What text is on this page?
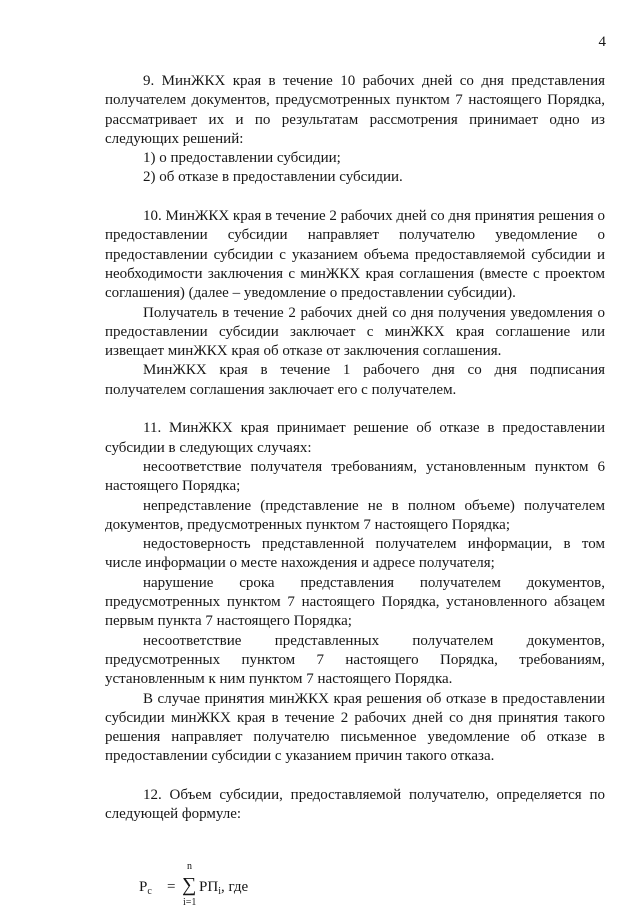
4

9. МинЖКХ края в течение 10 рабочих дней со дня представления получателем документов, предусмотренных пунктом 7 настоящего Порядка, рассматривает их и по результатам рассмотрения принимает одно из следующих решений:

1) о предоставлении субсидии;

2) об отказе в предоставлении субсидии.

10. МинЖКХ края в течение 2 рабочих дней со дня принятия решения о предоставлении субсидии направляет получателю уведомление о предоставлении субсидии с указанием объема предоставляемой субсидии и необходимости заключения с минЖКХ края соглашения (вместе с проектом соглашения) (далее – уведомление о предоставлении субсидии).

Получатель в течение 2 рабочих дней со дня получения уведомления о предоставлении субсидии заключает с минЖКХ края соглашение или извещает минЖКХ края об отказе от заключения соглашения.

МинЖКХ края в течение 1 рабочего дня со дня подписания получателем соглашения заключает его с получателем.

11. МинЖКХ края принимает решение об отказе в предоставлении субсидии в следующих случаях:

несоответствие получателя требованиям, установленным пунктом 6 настоящего Порядка;

непредставление (представление не в полном объеме) получателем документов, предусмотренных пунктом 7 настоящего Порядка;

недостоверность представленной получателем информации, в том числе информации о месте нахождения и адресе получателя;

нарушение срока представления получателем документов, предусмотренных пунктом 7 настоящего Порядка, установленного абзацем первым пункта 7 настоящего Порядка;

несоответствие представленных получателем документов, предусмотренных пунктом 7 настоящего Порядка, требованиям, установленным к ним пунктом 7 настоящего Порядка.

В случае принятия минЖКХ края решения об отказе в предоставлении субсидии минЖКХ края в течение 2 рабочих дней со дня принятия такого решения направляет получателю письменное уведомление об отказе в предоставлении субсидии с указанием причин такого отказа.

12. Объем субсидии, предоставляемой получателю, определяется по следующей формуле:

$Р_с$ =
n
∑
i=1
$РП_i$, где
